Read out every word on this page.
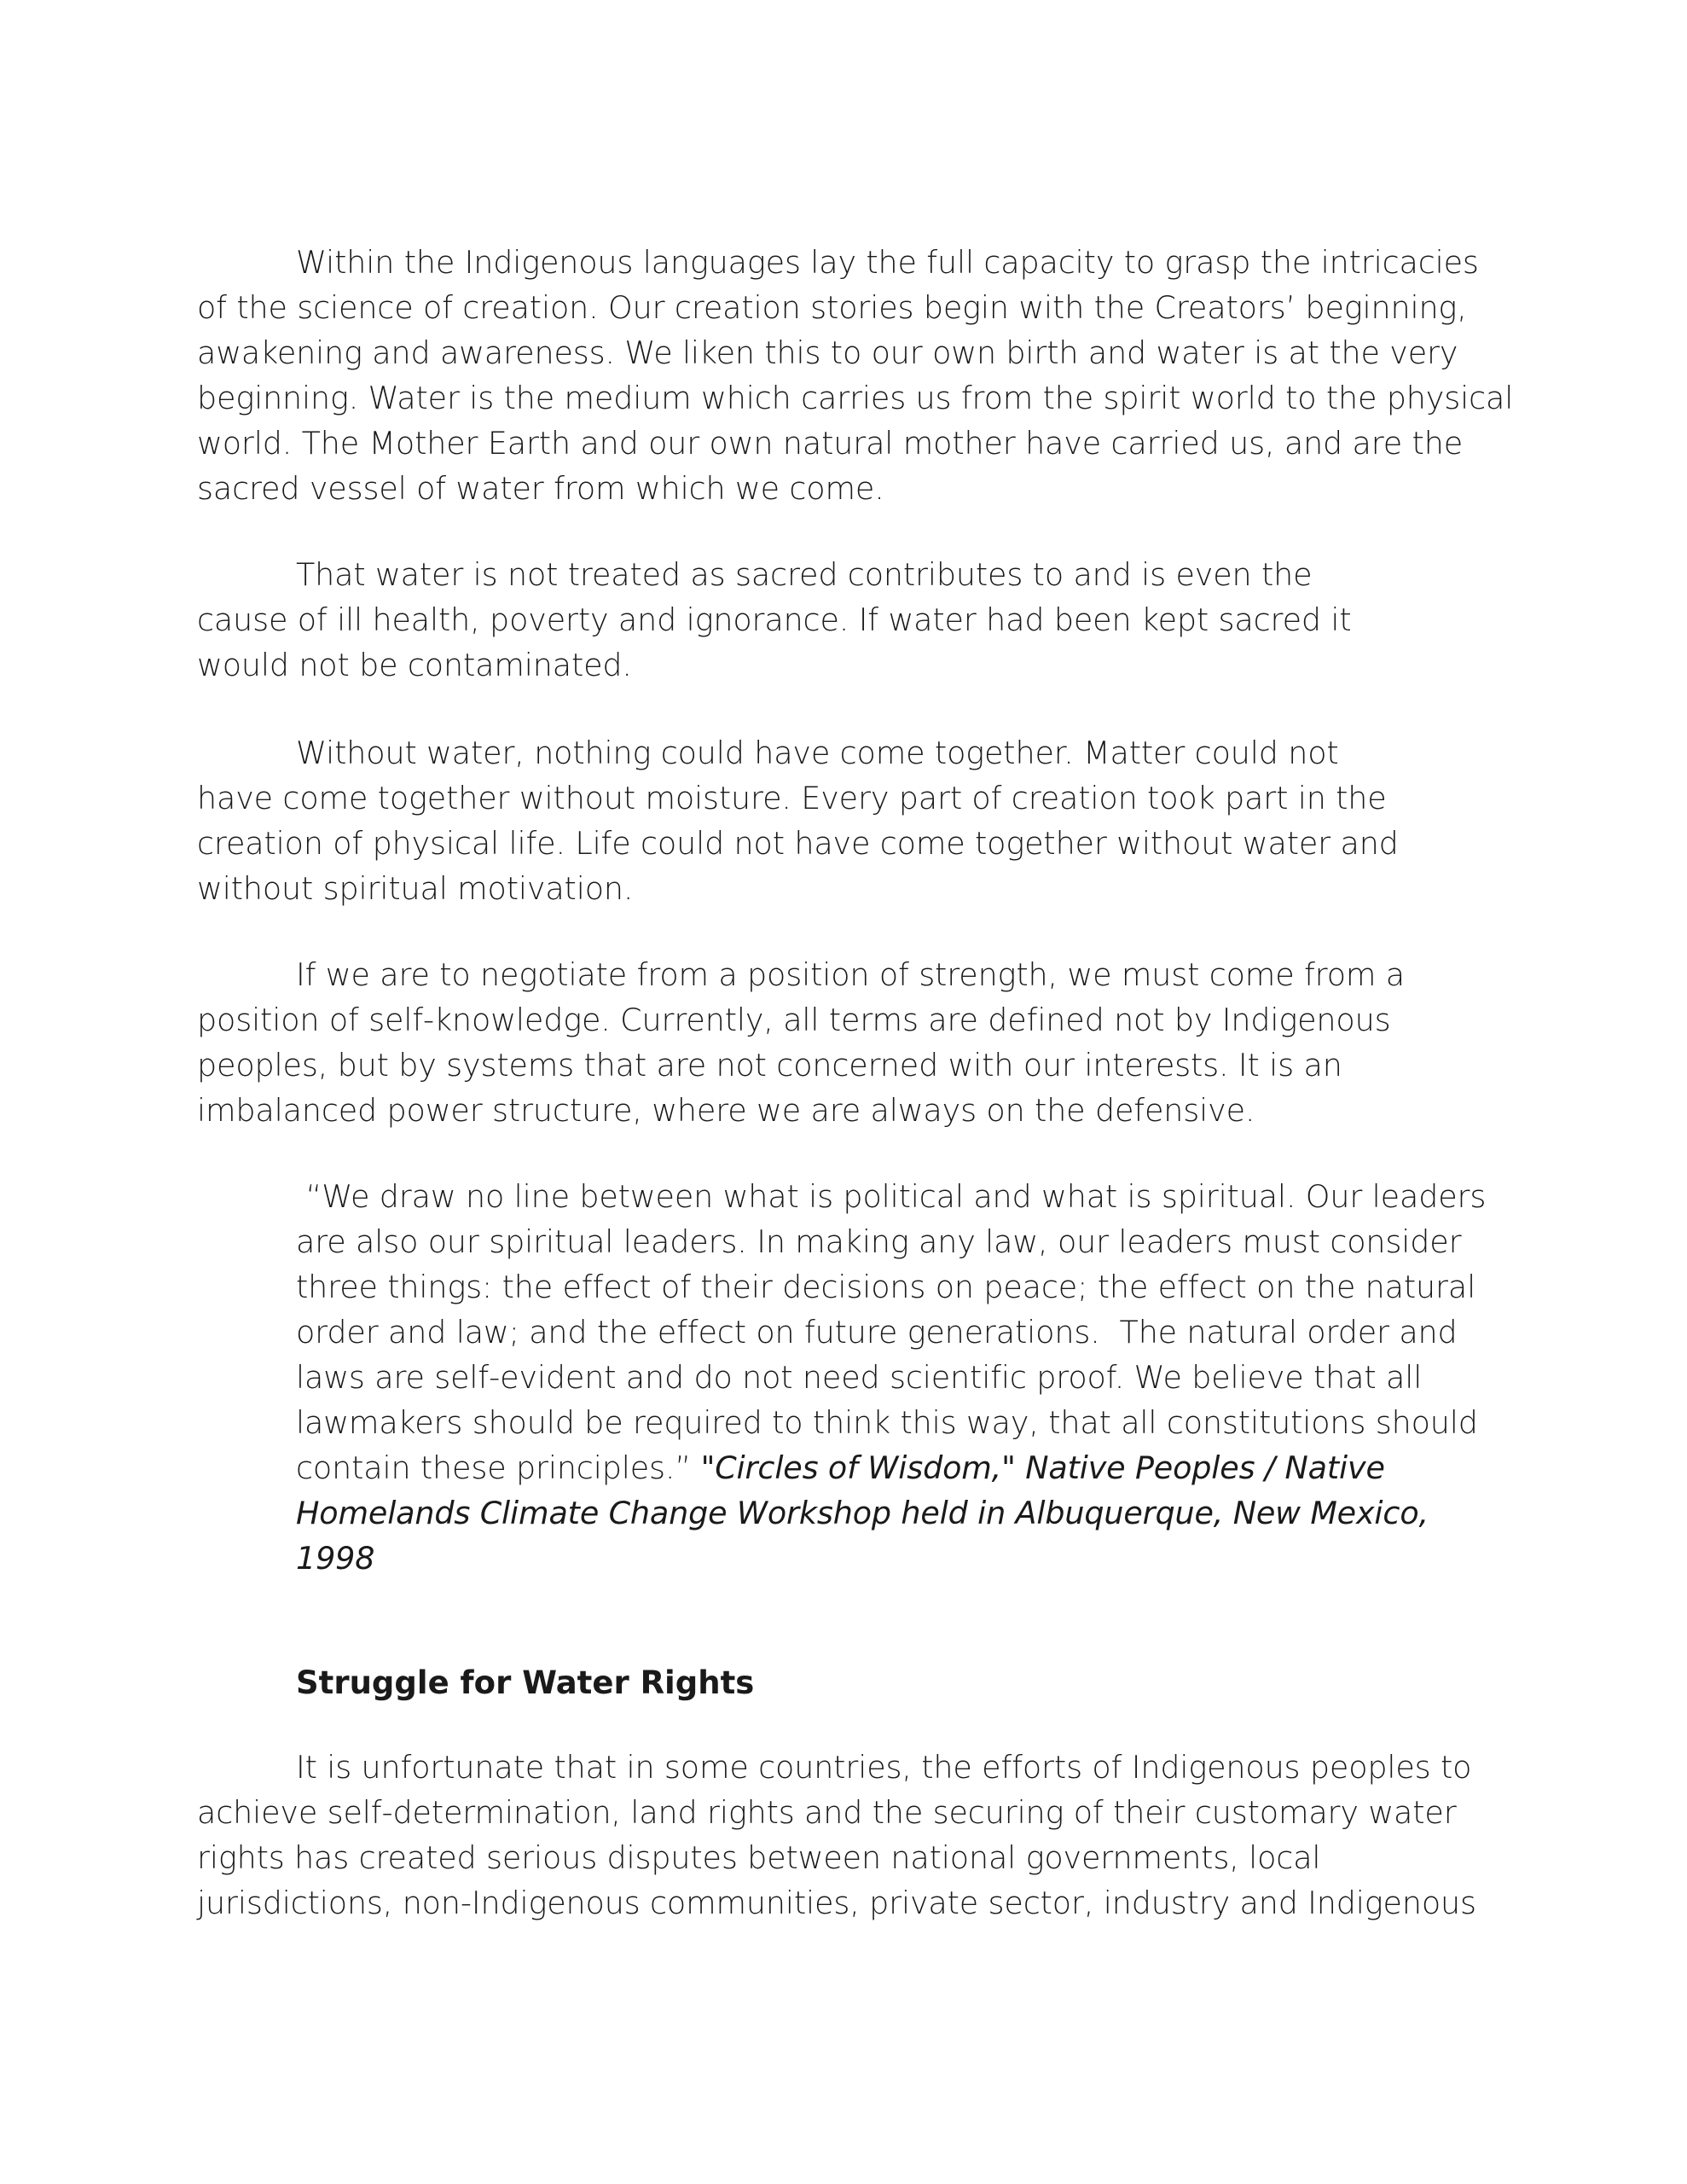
Within the Indigenous languages lay the full capacity to grasp the intricacies
of the science of creation. Our creation stories begin with the Creators’ beginning,
awakening and awareness. We liken this to our own birth and water is at the very
beginning. Water is the medium which carries us from the spirit world to the physical
world. The Mother Earth and our own natural mother have carried us, and are the
sacred vessel of water from which we come.
That water is not treated as sacred contributes to and is even the
cause of ill health, poverty and ignorance. If water had been kept sacred it
would not be contaminated.
Without water, nothing could have come together. Matter could not
have come together without moisture. Every part of creation took part in the
creation of physical life. Life could not have come together without water and
without spiritual motivation.
If we are to negotiate from a position of strength, we must come from a
position of self-knowledge. Currently, all terms are defined not by Indigenous
peoples, but by systems that are not concerned with our interests. It is an
imbalanced power structure, where we are always on the defensive.
“We draw no line between what is political and what is spiritual. Our leaders
are also our spiritual leaders. In making any law, our leaders must consider
three things: the effect of their decisions on peace; the effect on the natural
order and law; and the effect on future generations.  The natural order and
laws are self-evident and do not need scientific proof. We believe that all
lawmakers should be required to think this way, that all constitutions should
contain these principles.” "Circles of Wisdom," Native Peoples / Native
Homelands Climate Change Workshop held in Albuquerque, New Mexico,
1998
Struggle for Water Rights
It is unfortunate that in some countries, the efforts of Indigenous peoples to
achieve self-determination, land rights and the securing of their customary water
rights has created serious disputes between national governments, local
jurisdictions, non-Indigenous communities, private sector, industry and Indigenous
